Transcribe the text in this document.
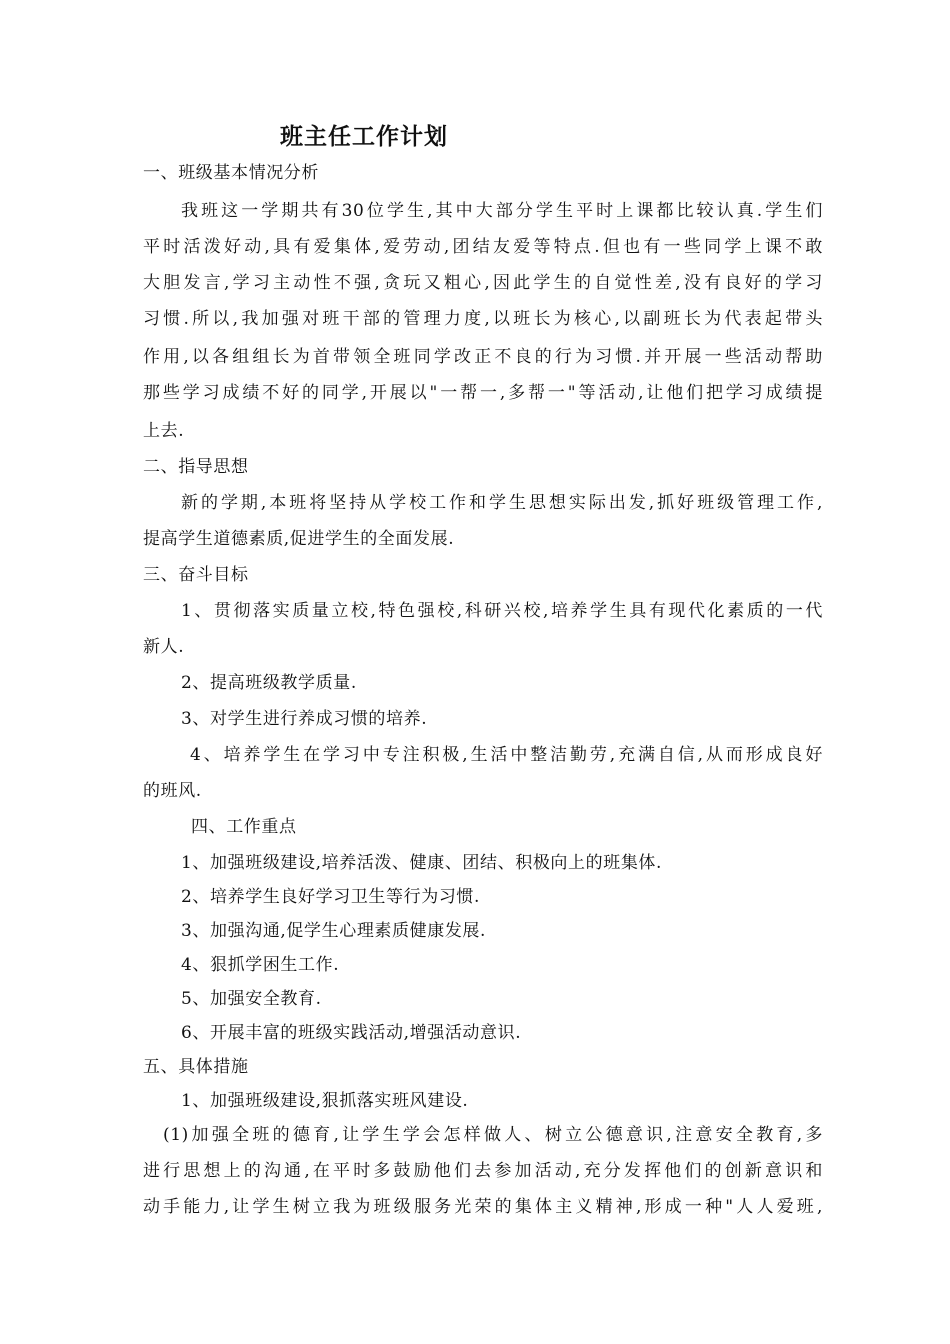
班主任工作计划
一、班级基本情况分析
我班这一学期共有30位学生,其中大部分学生平时上课都比较认真.学生们
平时活泼好动,具有爱集体,爱劳动,团结友爱等特点.但也有一些同学上课不敢
大胆发言,学习主动性不强,贪玩又粗心,因此学生的自觉性差,没有良好的学习
习惯.所以,我加强对班干部的管理力度,以班长为核心,以副班长为代表起带头
作用,以各组组长为首带领全班同学改正不良的行为习惯.并开展一些活动帮助
那些学习成绩不好的同学,开展以"一帮一,多帮一"等活动,让他们把学习成绩提
上去.
二、指导思想
新的学期,本班将坚持从学校工作和学生思想实际出发,抓好班级管理工作,
提高学生道德素质,促进学生的全面发展.
三、奋斗目标
1、贯彻落实质量立校,特色强校,科研兴校,培养学生具有现代化素质的一代
新人.
2、提高班级教学质量.
3、对学生进行养成习惯的培养.
4、培养学生在学习中专注积极,生活中整洁勤劳,充满自信,从而形成良好
的班风.
四、工作重点
1、加强班级建设,培养活泼、健康、团结、积极向上的班集体.
2、培养学生良好学习卫生等行为习惯.
3、加强沟通,促学生心理素质健康发展.
4、狠抓学困生工作.
5、加强安全教育.
6、开展丰富的班级实践活动,增强活动意识.
五、具体措施
1、加强班级建设,狠抓落实班风建设.
(1)加强全班的德育,让学生学会怎样做人、树立公德意识,注意安全教育,多
进行思想上的沟通,在平时多鼓励他们去参加活动,充分发挥他们的创新意识和
动手能力,让学生树立我为班级服务光荣的集体主义精神,形成一种"人人爱班,
